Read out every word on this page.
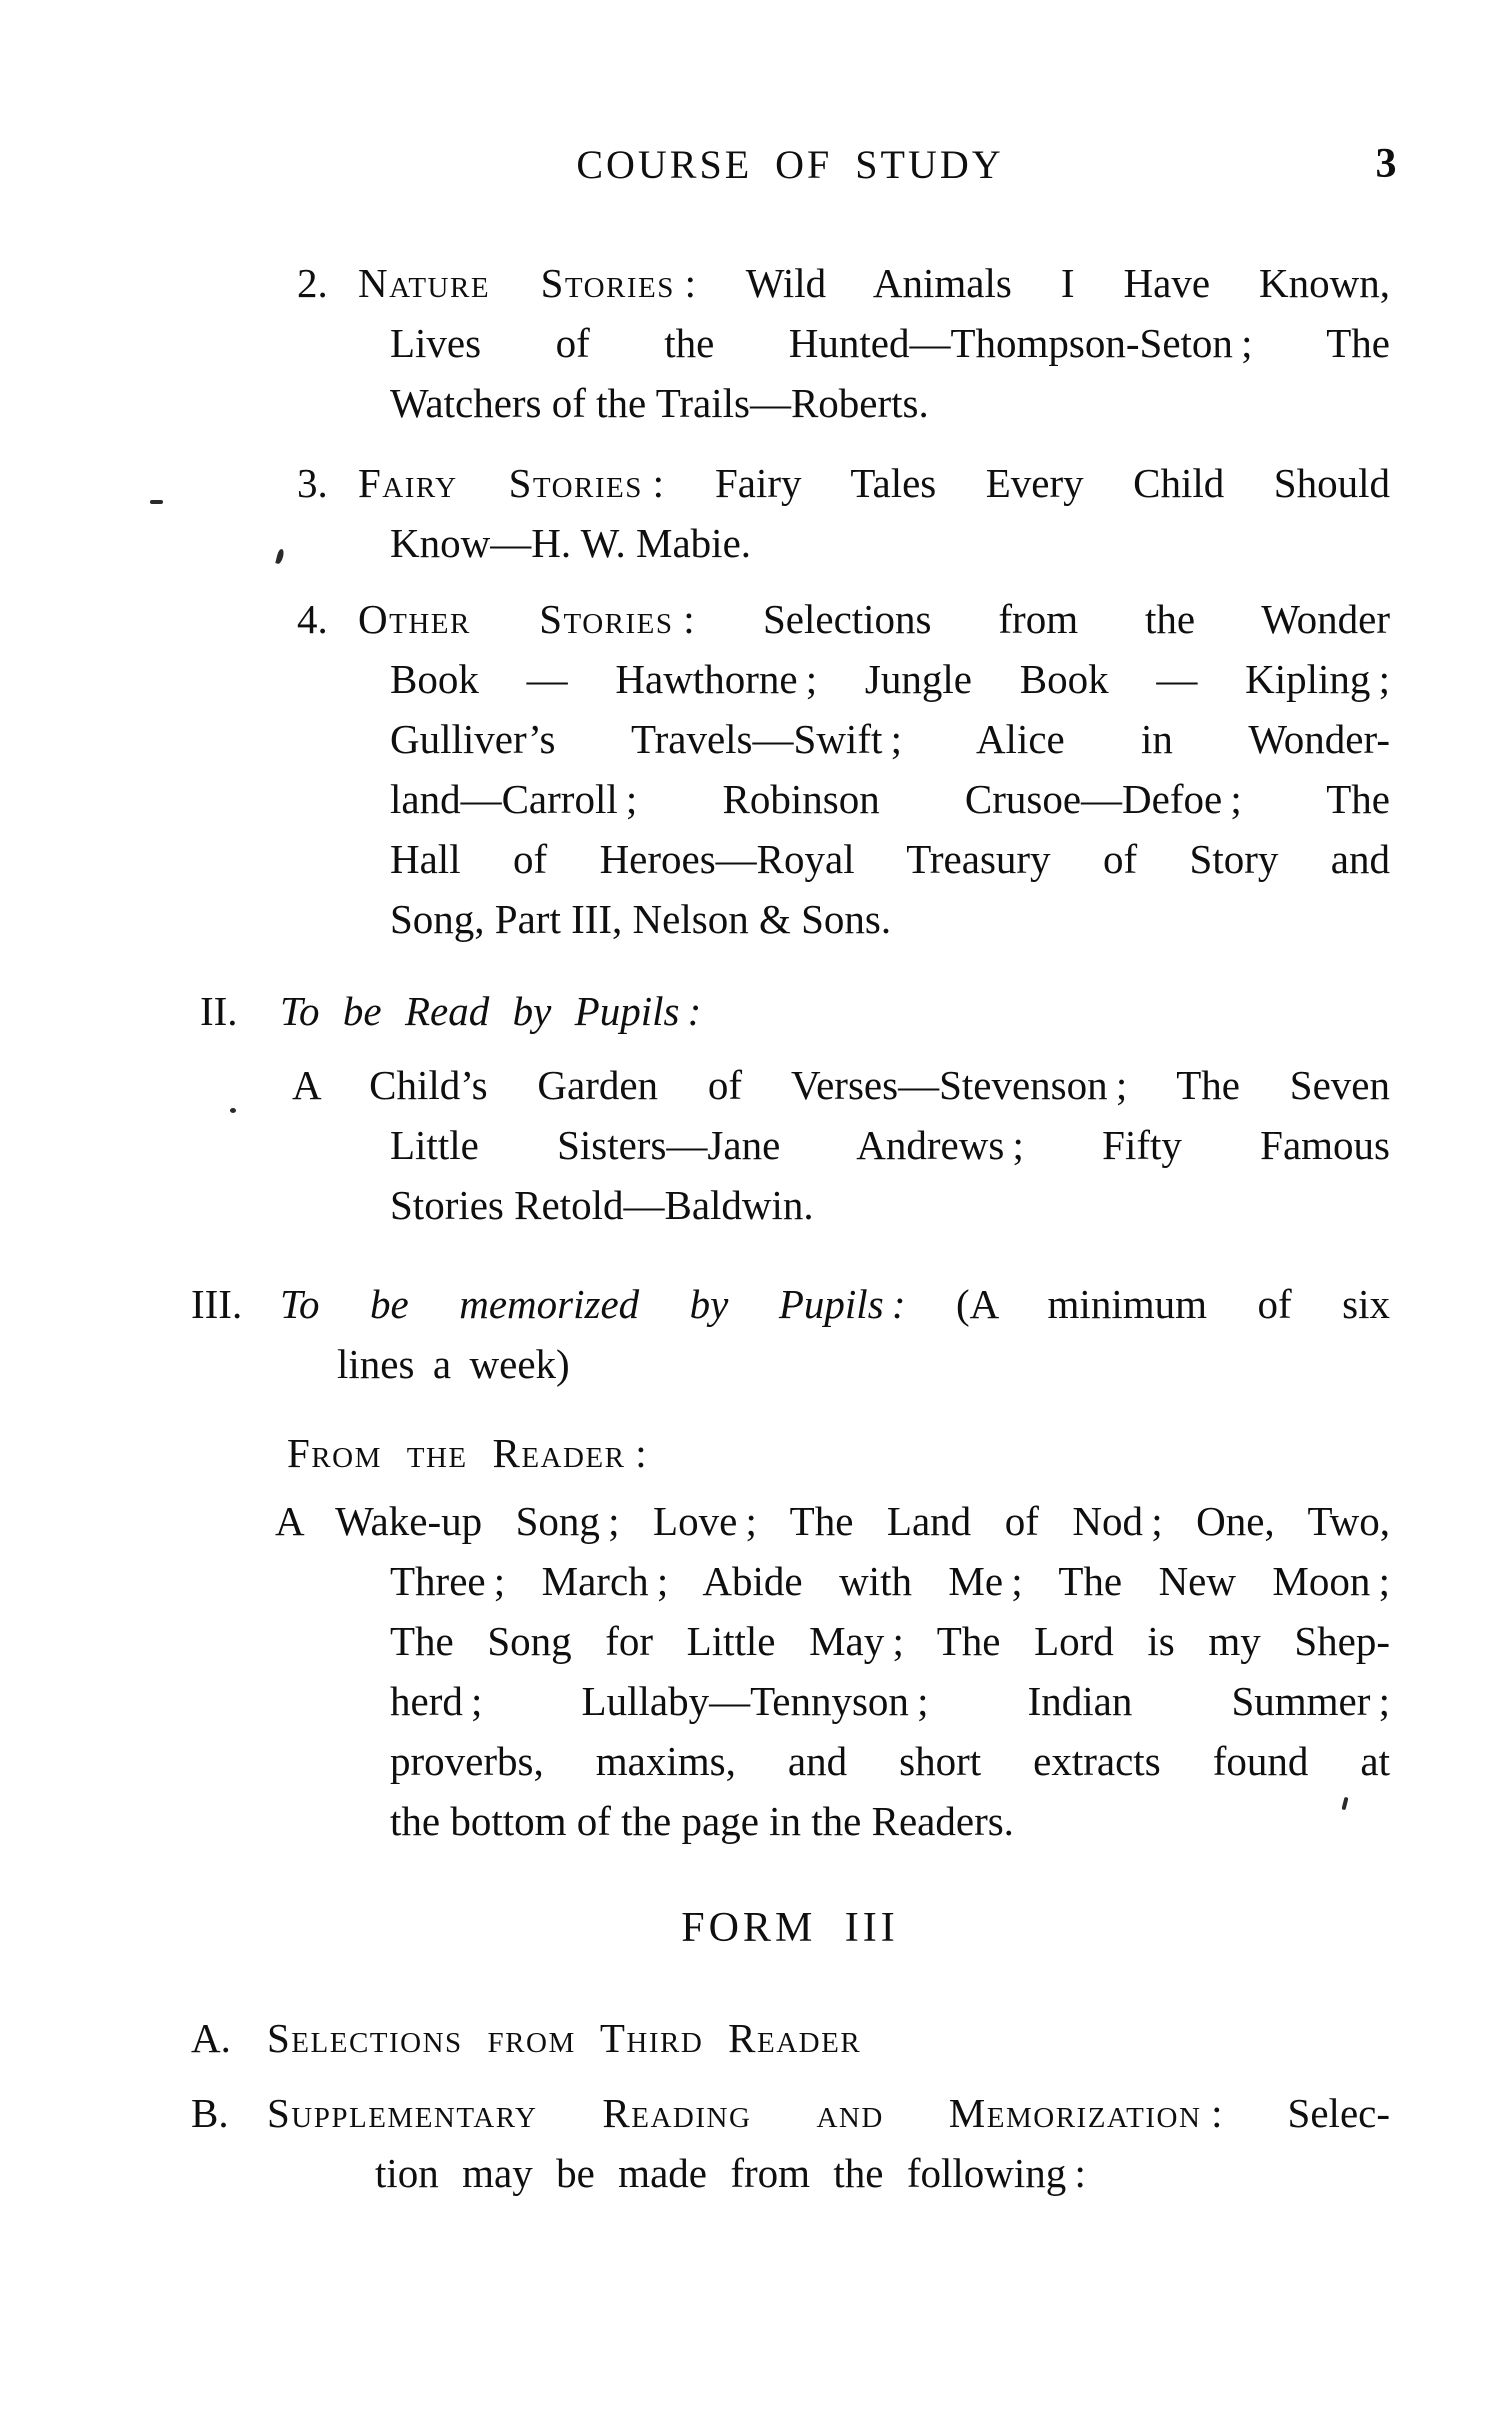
COURSE OF STUDY	3
2. Nature Stories : Wild Animals I Have Known,
Lives of the Hunted—Thompson-Seton ; The
Watchers of the Trails—Roberts.
3. Fairy Stories : Fairy Tales Every Child Should
Know—H. W. Mabie.
4. Other Stories : Selections from the Wonder
Book — Hawthorne ; Jungle Book — Kipling ;
Gulliver’s Travels—Swift ; Alice in Wonder-
land—Carroll ; Robinson Crusoe—Defoe ; The
Hall of Heroes—Royal Treasury of Story and
Song, Part III, Nelson & Sons.
II. To be Read by Pupils :
A Child’s Garden of Verses—Stevenson ; The Seven
Little Sisters—Jane Andrews ; Fifty Famous
Stories Retold—Baldwin.
III. To be memorized by Pupils : (A minimum of six
lines a week)
From the Reader :
A Wake-up Song ; Love ; The Land of Nod ; One, Two,
Three ; March ; Abide with Me ; The New Moon ;
The Song for Little May ; The Lord is my Shep-
herd ; Lullaby—Tennyson ; Indian Summer ;
proverbs, maxims, and short extracts found at
the bottom of the page in the Readers.
FORM III
A. Selections from Third Reader
B. Supplementary Reading and Memorization : Selec-
tion may be made from the following :
